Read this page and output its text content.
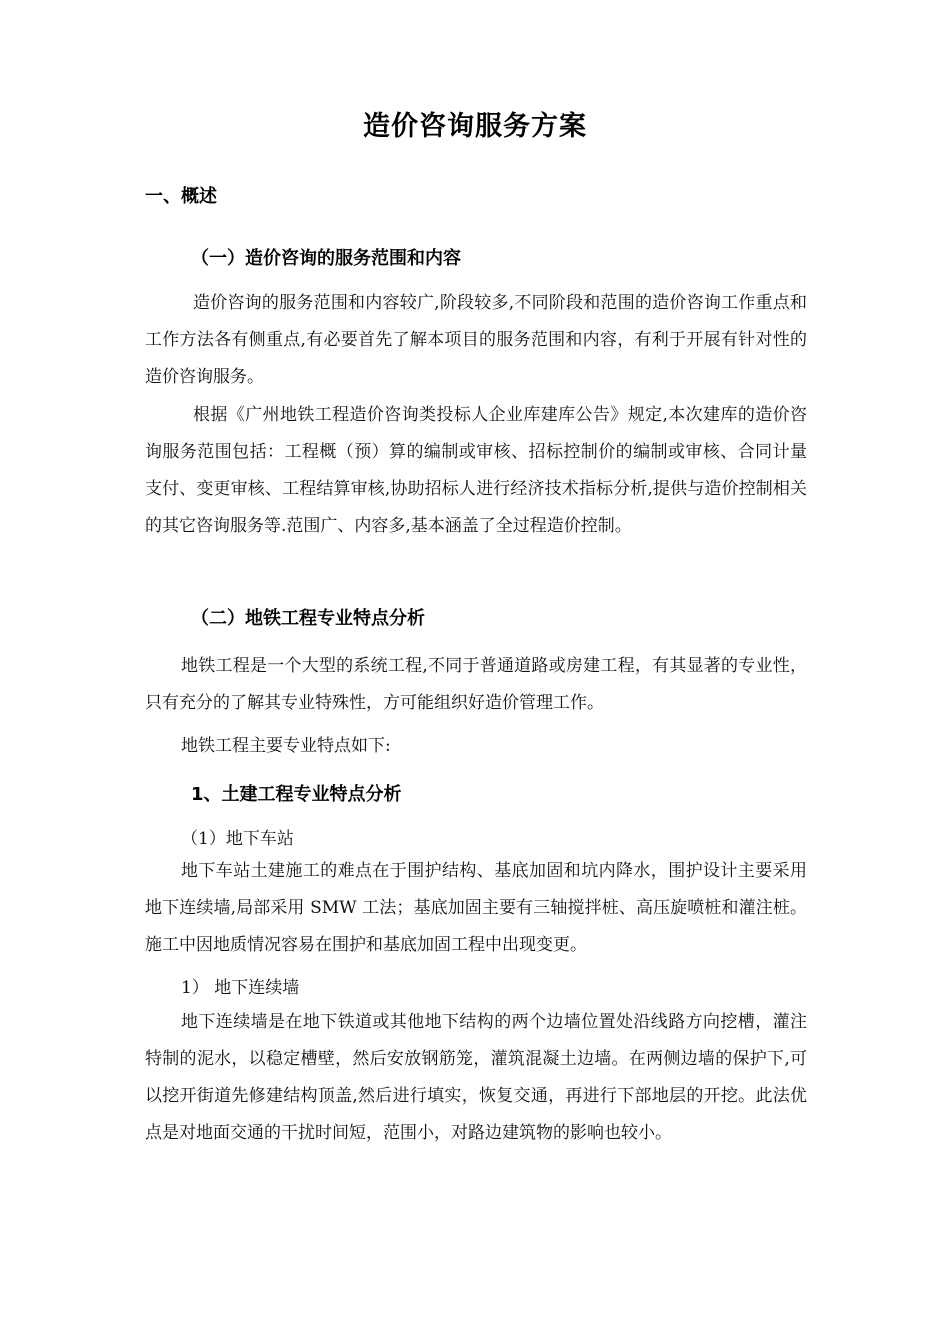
造价咨询服务方案
一、概述
（一）造价咨询的服务范围和内容
造价咨询的服务范围和内容较广,阶段较多,不同阶段和范围的造价咨询工作重点和工作方法各有侧重点,有必要首先了解本项目的服务范围和内容，有利于开展有针对性的造价咨询服务。
根据《广州地铁工程造价咨询类投标人企业库建库公告》规定,本次建库的造价咨询服务范围包括：工程概（预）算的编制或审核、招标控制价的编制或审核、合同计量支付、变更审核、工程结算审核,协助招标人进行经济技术指标分析,提供与造价控制相关的其它咨询服务等.范围广、内容多,基本涵盖了全过程造价控制。
（二）地铁工程专业特点分析
地铁工程是一个大型的系统工程,不同于普通道路或房建工程，有其显著的专业性，只有充分的了解其专业特殊性，方可能组织好造价管理工作。
地铁工程主要专业特点如下:
1、土建工程专业特点分析
（1）地下车站
地下车站土建施工的难点在于围护结构、基底加固和坑内降水，围护设计主要采用地下连续墙,局部采用 SMW 工法；基底加固主要有三轴搅拌桩、高压旋喷桩和灌注桩。施工中因地质情况容易在围护和基底加固工程中出现变更。
1） 地下连续墙
地下连续墙是在地下铁道或其他地下结构的两个边墙位置处沿线路方向挖槽，灌注特制的泥水，以稳定槽壁，然后安放钢筋笼，灌筑混凝土边墙。在两侧边墙的保护下,可以挖开街道先修建结构顶盖,然后进行填实，恢复交通，再进行下部地层的开挖。此法优点是对地面交通的干扰时间短，范围小，对路边建筑物的影响也较小。
